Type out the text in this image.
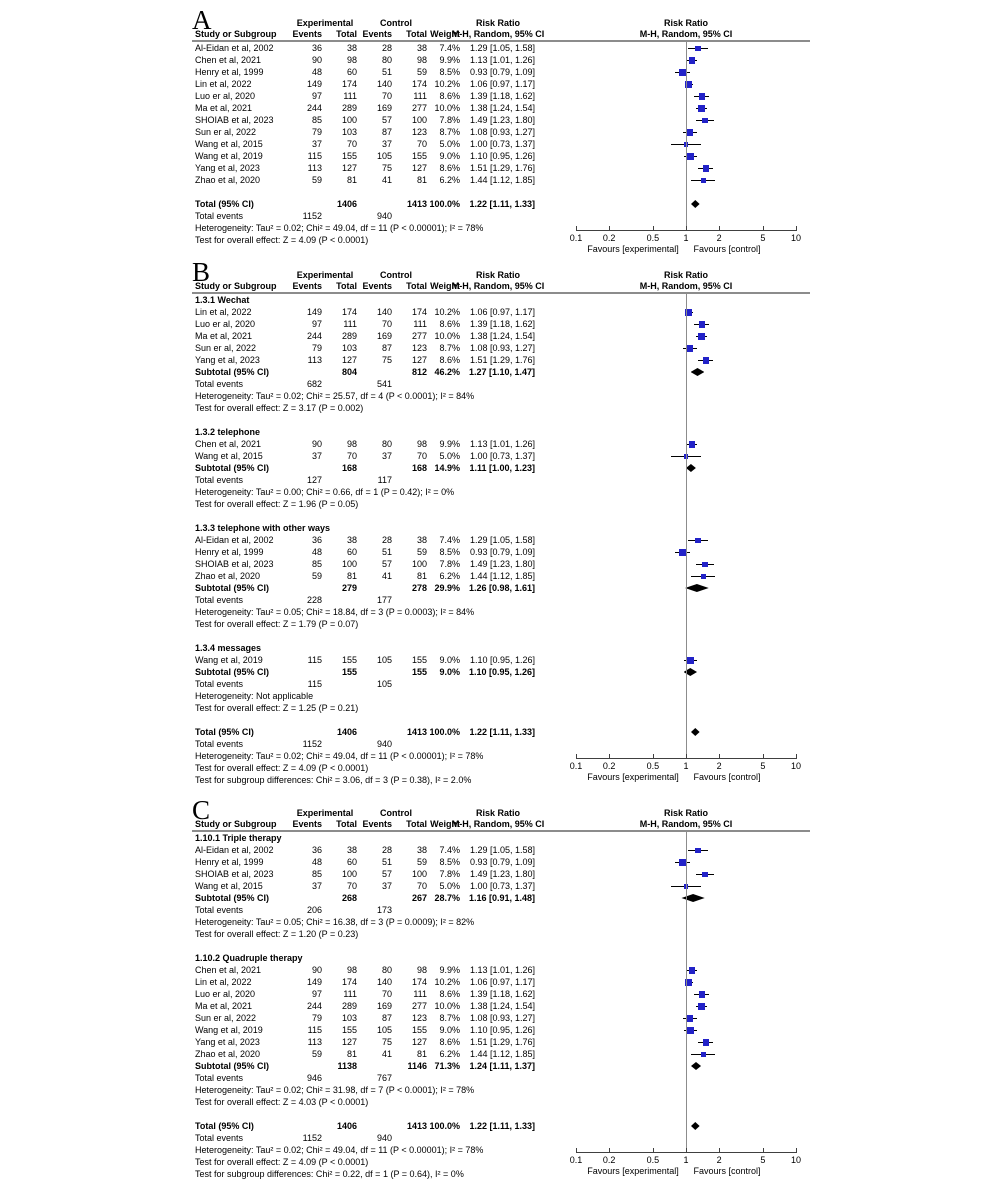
A	Experimental	Control	Risk Ratio	Risk Ratio
Study or Subgroup Events Total Events Total Weight
M-H, Random, 95% CI	M-H, Random, 95% CI
Al-Eidan et al, 2002	36	38	28	38 7.4% 1.29 [1.05, 1.58]
Chen et al, 2021	90	98	80	98 9.9% 1.13 [1.01, 1.26]
Henry et al, 1999	48	60	51	59 8.5% 0.93 [0.79, 1.09]
Lin et al, 2022	149 174 140 174 10.2% 1.06 [0.97, 1.17]
Luo er al, 2020	97 111	70 111 8.6% 1.39 [1.18, 1.62]
Ma et al, 2021	244 289 169 277 10.0% 1.38 [1.24, 1.54]
SHOIAB et al, 2023	85 100	57 100 7.8% 1.49 [1.23, 1.80]
Sun er al, 2022	79 103	87 123 8.7% 1.08 [0.93, 1.27]
Wang et al, 2015	37	70	37	70 5.0% 1.00 [0.73, 1.37]
Wang et al, 2019	115 155 105 155 9.0% 1.10 [0.95, 1.26]
Yang et al, 2023	113 127	75 127 8.6% 1.51 [1.29, 1.76]
Zhao et al, 2020	59	81	41	81 6.2% 1.44 [1.12, 1.85]
Total (95% CI)	1406	1413 100.0% 1.22 [1.11, 1.33]
Total events	1152	940
Heterogeneity: Tau² = 0.02; Chi² = 49.04, df = 11 (P < 0.00001); I² = 78%
Test for overall effect: Z = 4.09 (P < 0.0001)	0.1 0.2	0.5	1	2	5	10
Favours [experimental] Favours [control]
B	Experimental	Control	Risk Ratio	Risk Ratio
Study or Subgroup Events Total Events Total Weight
M-H, Random, 95% CI	M-H, Random, 95% CI
1.3.1 Wechat
Lin et al, 2022	149 174 140 174 10.2% 1.06 [0.97, 1.17]
Luo er al, 2020	97 111	70 111 8.6% 1.39 [1.18, 1.62]
Ma et al, 2021	244 289 169 277 10.0% 1.38 [1.24, 1.54]
Sun er al, 2022	79 103	87 123 8.7% 1.08 [0.93, 1.27]
Yang et al, 2023	113 127	75 127 8.6% 1.51 [1.29, 1.76]
Subtotal (95% CI)	804	812 46.2% 1.27 [1.10, 1.47]
Total events	682	541
Heterogeneity: Tau² = 0.02; Chi² = 25.57, df = 4 (P < 0.0001); I² = 84%
Test for overall effect: Z = 3.17 (P = 0.002)
1.3.2 telephone
Chen et al, 2021	90	98	80	98 9.9% 1.13 [1.01, 1.26]
Wang et al, 2015	37	70	37	70 5.0% 1.00 [0.73, 1.37]
Subtotal (95% CI)	168	168 14.9% 1.11 [1.00, 1.23]
Total events	127	117
Heterogeneity: Tau² = 0.00; Chi² = 0.66, df = 1 (P = 0.42); I² = 0%
Test for overall effect: Z = 1.96 (P = 0.05)
1.3.3 telephone with other ways
Al-Eidan et al, 2002	36	38	28	38 7.4% 1.29 [1.05, 1.58]
Henry et al, 1999	48	60	51	59 8.5% 0.93 [0.79, 1.09]
SHOIAB et al, 2023	85 100	57 100 7.8% 1.49 [1.23, 1.80]
Zhao et al, 2020	59	81	41	81 6.2% 1.44 [1.12, 1.85]
Subtotal (95% CI)	279	278 29.9% 1.26 [0.98, 1.61]
Total events	228	177
Heterogeneity: Tau² = 0.05; Chi² = 18.84, df = 3 (P = 0.0003); I² = 84%
Test for overall effect: Z = 1.79 (P = 0.07)
1.3.4 messages
Wang et al, 2019	115 155 105 155 9.0% 1.10 [0.95, 1.26]
Subtotal (95% CI)	155	155 9.0% 1.10 [0.95, 1.26]
Total events	115	105
Heterogeneity: Not applicable
Test for overall effect: Z = 1.25 (P = 0.21)
Total (95% CI)	1406	1413 100.0% 1.22 [1.11, 1.33]
Total events	1152	940
Heterogeneity: Tau² = 0.02; Chi² = 49.04, df = 11 (P < 0.00001); I² = 78%
Test for overall effect: Z = 4.09 (P < 0.0001)
Test for subgroup differences: Chi² = 3.06, df = 3 (P = 0.38), I² = 2.0%
0.1 0.2	0.5	1	2	5	10
Favours [experimental] Favours [control]
C	Experimental	Control	Risk Ratio	Risk Ratio
Study or Subgroup Events Total Events Total Weight
M-H, Random, 95% CI	M-H, Random, 95% CI
1.10.1 Triple therapy
Al-Eidan et al, 2002	36	38	28	38 7.4% 1.29 [1.05, 1.58]
Henry et al, 1999	48	60	51	59 8.5% 0.93 [0.79, 1.09]
SHOIAB et al, 2023	85 100	57 100 7.8% 1.49 [1.23, 1.80]
Wang et al, 2015	37	70	37	70 5.0% 1.00 [0.73, 1.37]
Subtotal (95% CI)	268	267 28.7% 1.16 [0.91, 1.48]
Total events	206	173
Heterogeneity: Tau² = 0.05; Chi² = 16.38, df = 3 (P = 0.0009); I² = 82%
Test for overall effect: Z = 1.20 (P = 0.23)
1.10.2 Quadruple therapy
Chen et al, 2021	90	98	80	98 9.9% 1.13 [1.01, 1.26]
Lin et al, 2022	149 174 140 174 10.2% 1.06 [0.97, 1.17]
Luo er al, 2020	97 111	70 111 8.6% 1.39 [1.18, 1.62]
Ma et al, 2021	244 289 169 277 10.0% 1.38 [1.24, 1.54]
Sun er al, 2022	79 103	87 123 8.7% 1.08 [0.93, 1.27]
Wang et al, 2019	115 155 105 155 9.0% 1.10 [0.95, 1.26]
Yang et al, 2023	113 127	75 127 8.6% 1.51 [1.29, 1.76]
Zhao et al, 2020	59	81	41	81 6.2% 1.44 [1.12, 1.85]
Subtotal (95% CI)	1138	1146 71.3% 1.24 [1.11, 1.37]
Total events	946	767
Heterogeneity: Tau² = 0.02; Chi² = 31.98, df = 7 (P < 0.0001); I² = 78%
Test for overall effect: Z = 4.03 (P < 0.0001)
Total (95% CI)	1406	1413 100.0% 1.22 [1.11, 1.33]
Total events	1152	940
Heterogeneity: Tau² = 0.02; Chi² = 49.04, df = 11 (P < 0.00001); I² = 78%
Test for overall effect: Z = 4.09 (P < 0.0001)
Test for subgroup differences: Chi² = 0.22, df = 1 (P = 0.64), I² = 0%
0.1 0.2	0.5	1	2	5	10
Favours [experimental] Favours [control]
